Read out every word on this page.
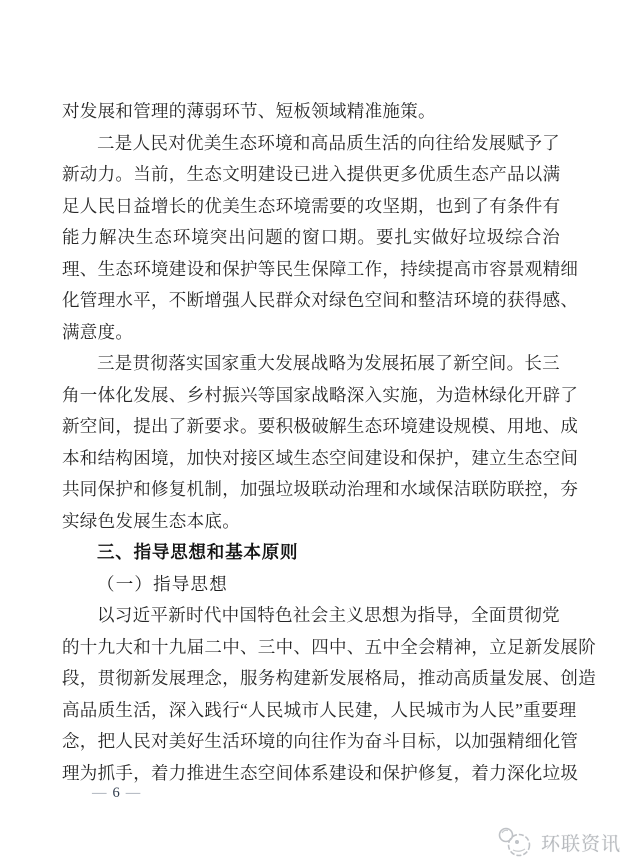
对发展和管理的薄弱环节、短板领域精准施策。
二是人民对优美生态环境和高品质生活的向往给发展赋予了
新动力。当前，生态文明建设已进入提供更多优质生态产品以满
足人民日益增长的优美生态环境需要的攻坚期，也到了有条件有
能力解决生态环境突出问题的窗口期。要扎实做好垃圾综合治
理、生态环境建设和保护等民生保障工作，持续提高市容景观精细
化管理水平，不断增强人民群众对绿色空间和整洁环境的获得感、
满意度。
三是贯彻落实国家重大发展战略为发展拓展了新空间。长三
角一体化发展、乡村振兴等国家战略深入实施，为造林绿化开辟了
新空间，提出了新要求。要积极破解生态环境建设规模、用地、成
本和结构困境，加快对接区域生态空间建设和保护，建立生态空间
共同保护和修复机制，加强垃圾联动治理和水域保洁联防联控，夯
实绿色发展生态本底。
三、指导思想和基本原则
（一）指导思想
以习近平新时代中国特色社会主义思想为指导，全面贯彻党
的十九大和十九届二中、三中、四中、五中全会精神，立足新发展阶
段，贯彻新发展理念，服务构建新发展格局，推动高质量发展、创造
高品质生活，深入践行“人民城市人民建，人民城市为人民”重要理
念，把人民对美好生活环境的向往作为奋斗目标，以加强精细化管
理为抓手，着力推进生态空间体系建设和保护修复，着力深化垃圾
— 6 —
环联资讯
